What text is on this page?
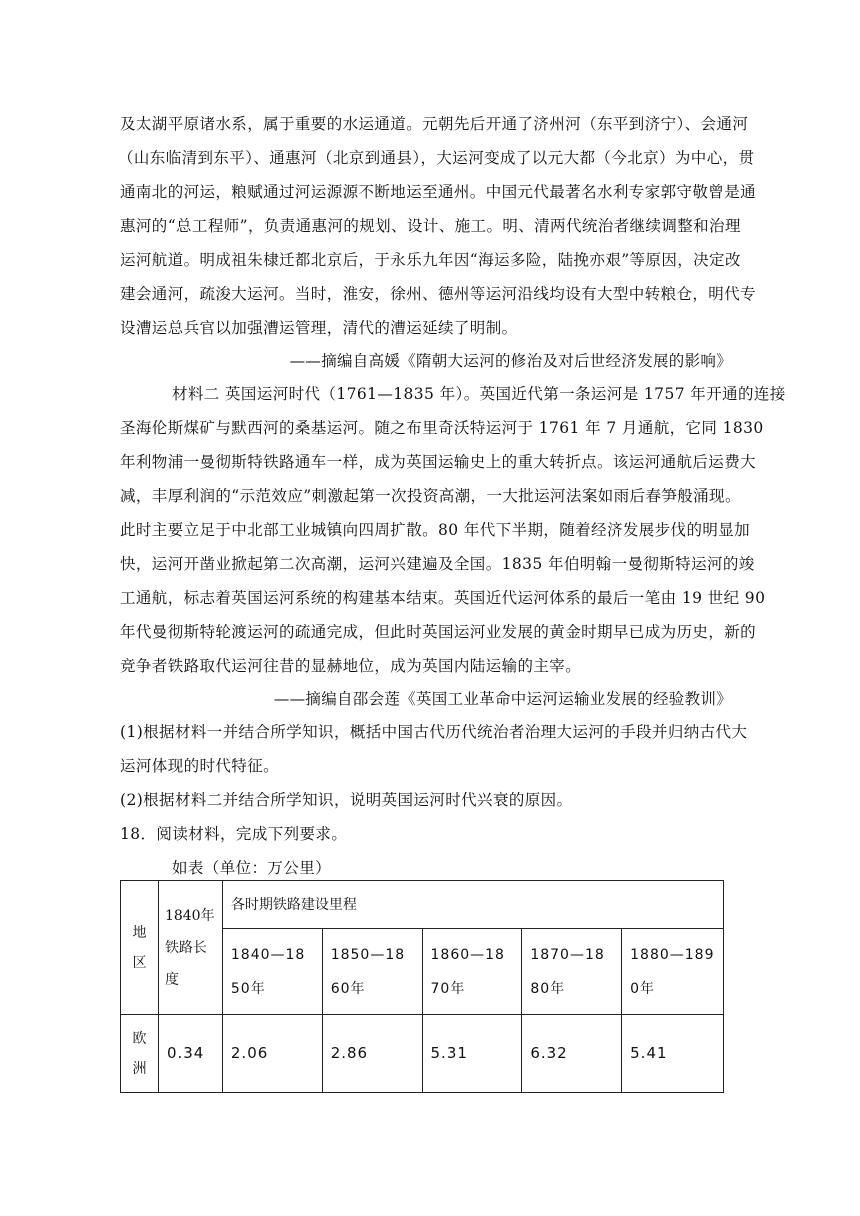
及太湖平原诸水系，属于重要的水运通道。元朝先后开通了济州河（东平到济宁）、会通河
（山东临清到东平）、通惠河（北京到通县），大运河变成了以元大都（今北京）为中心，贯
通南北的河运，粮赋通过河运源源不断地运至通州。中国元代最著名水利专家郭守敬曾是通
惠河的“总工程师”，负责通惠河的规划、设计、施工。明、清两代统治者继续调整和治理
运河航道。明成祖朱棣迁都北京后，于永乐九年因“海运多险，陆挽亦艰”等原因，决定改
建会通河，疏浚大运河。当时，淮安，徐州、德州等运河沿线均设有大型中转粮仓，明代专
设漕运总兵官以加强漕运管理，清代的漕运延续了明制。
——摘编自高媛《隋朝大运河的修治及对后世经济发展的影响》
材料二 英国运河时代（1761—1835 年）。英国近代第一条运河是 1757 年开通的连接
圣海伦斯煤矿与默西河的桑基运河。随之布里奇沃特运河于 1761 年 7 月通航，它同 1830
年利物浦一曼彻斯特铁路通车一样，成为英国运输史上的重大转折点。该运河通航后运费大
减，丰厚利润的“示范效应”刺激起第一次投资高潮，一大批运河法案如雨后春笋般涌现。
此时主要立足于中北部工业城镇向四周扩散。80 年代下半期，随着经济发展步伐的明显加
快，运河开凿业掀起第二次高潮，运河兴建遍及全国。1835 年伯明翰一曼彻斯特运河的竣
工通航，标志着英国运河系统的构建基本结束。英国近代运河体系的最后一笔由 19 世纪 90
年代曼彻斯特轮渡运河的疏通完成，但此时英国运河业发展的黄金时期早已成为历史，新的
竞争者铁路取代运河往昔的显赫地位，成为英国内陆运输的主宰。
——摘编自邵会莲《英国工业革命中运河运输业发展的经验教训》
(1)根据材料一并结合所学知识，概括中国古代历代统治者治理大运河的手段并归纳古代大
运河体现的时代特征。
(2)根据材料二并结合所学知识，说明英国运河时代兴衰的原因。
18．阅读材料，完成下列要求。
如表（单位：万公里）
地区	1840年铁路长度	各时期铁路建设里程				

		1840—1850年	1850—1860年	1860—1870年	1870—1880年	1880—1890年

欧洲	0.34	2.06	2.86	5.31	6.32	5.41
